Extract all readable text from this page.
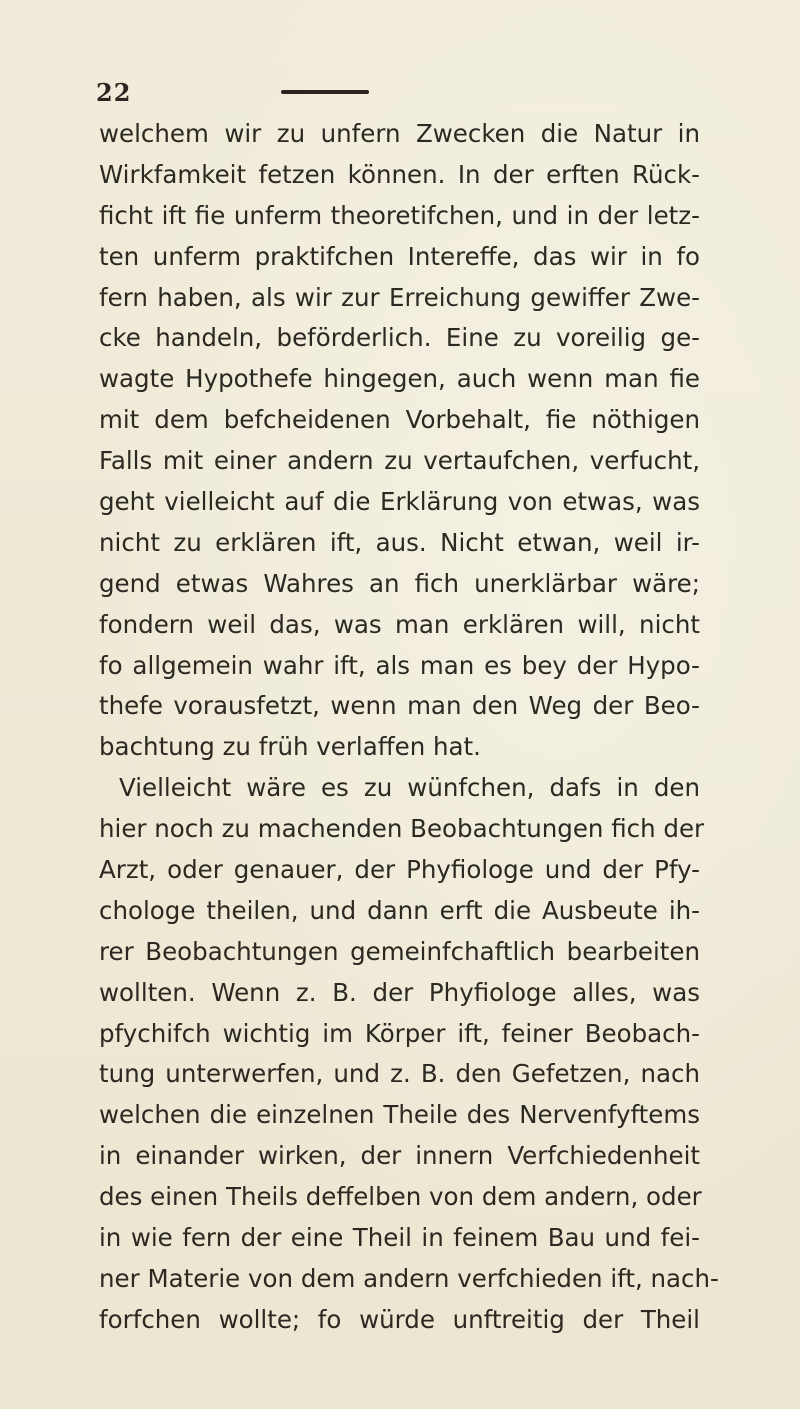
22
welchem wir zu unfern Zwecken die Natur in
Wirkfamkeit fetzen können. In der erften Rück-
ficht ift fie unferm theoretifchen, und in der letz-
ten unferm praktifchen Intereffe, das wir in fo
fern haben, als wir zur Erreichung gewiffer Zwe-
cke handeln, beförderlich. Eine zu voreilig ge-
wagte Hypothefe hingegen, auch wenn man fie
mit dem befcheidenen Vorbehalt, fie nöthigen
Falls mit einer andern zu vertaufchen, verfucht,
geht vielleicht auf die Erklärung von etwas, was
nicht zu erklären ift, aus. Nicht etwan, weil ir-
gend etwas Wahres an fich unerklärbar wäre;
fondern weil das, was man erklären will, nicht
fo allgemein wahr ift, als man es bey der Hypo-
thefe vorausfetzt, wenn man den Weg der Beo-
bachtung zu früh verlaffen hat.
Vielleicht wäre es zu wünfchen, dafs in den
hier noch zu machenden Beobachtungen fich der
Arzt, oder genauer, der Phyfiologe und der Pfy-
chologe theilen, und dann erft die Ausbeute ih-
rer Beobachtungen gemeinfchaftlich bearbeiten
wollten. Wenn z. B. der Phyfiologe alles, was
pfychifch wichtig im Körper ift, feiner Beobach-
tung unterwerfen, und z. B. den Gefetzen, nach
welchen die einzelnen Theile des Nervenfyftems
in einander wirken, der innern Verfchiedenheit
des einen Theils deffelben von dem andern, oder
in wie fern der eine Theil in feinem Bau und fei-
ner Materie von dem andern verfchieden ift, nach-
forfchen wollte; fo würde unftreitig der Theil
